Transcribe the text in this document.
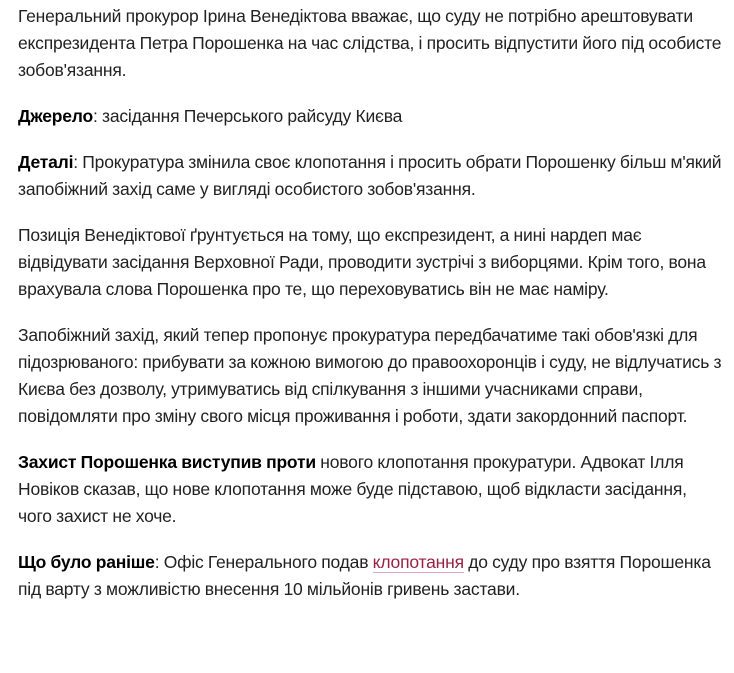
Генеральний прокурор Ірина Венедіктова вважає, що суду не потрібно арештовувати експрезидента Петра Порошенка на час слідства, і просить відпустити його під особисте зобов'язання.

Джерело: засідання Печерського райсуду Києва

Деталі: Прокуратура змінила своє клопотання і просить обрати Порошенку більш м'який запобіжний захід саме у вигляді особистого зобов'язання.

Позиція Венедіктової ґрунтується на тому, що експрезидент, а нині нардеп має відвідувати засідання Верховної Ради, проводити зустрічі з виборцями. Крім того, вона врахувала слова Порошенка про те, що переховуватись він не має наміру.

Запобіжний захід, який тепер пропонує прокуратура передбачатиме такі обов'язкі для підозрюваного: прибувати за кожною вимогою до правоохоронців і суду, не відлучатись з Києва без дозволу, утримуватись від спілкування з іншими учасниками справи, повідомляти про зміну свого місця проживання і роботи, здати закордонний паспорт.

Захист Порошенка виступив проти нового клопотання прокуратури. Адвокат Ілля Новіков сказав, що нове клопотання може буде підставою, щоб відкласти засідання, чого захист не хоче.

Що було раніше: Офіс Генерального подав клопотання до суду про взяття Порошенка під варту з можливістю внесення 10 мільйонів гривень застави.
